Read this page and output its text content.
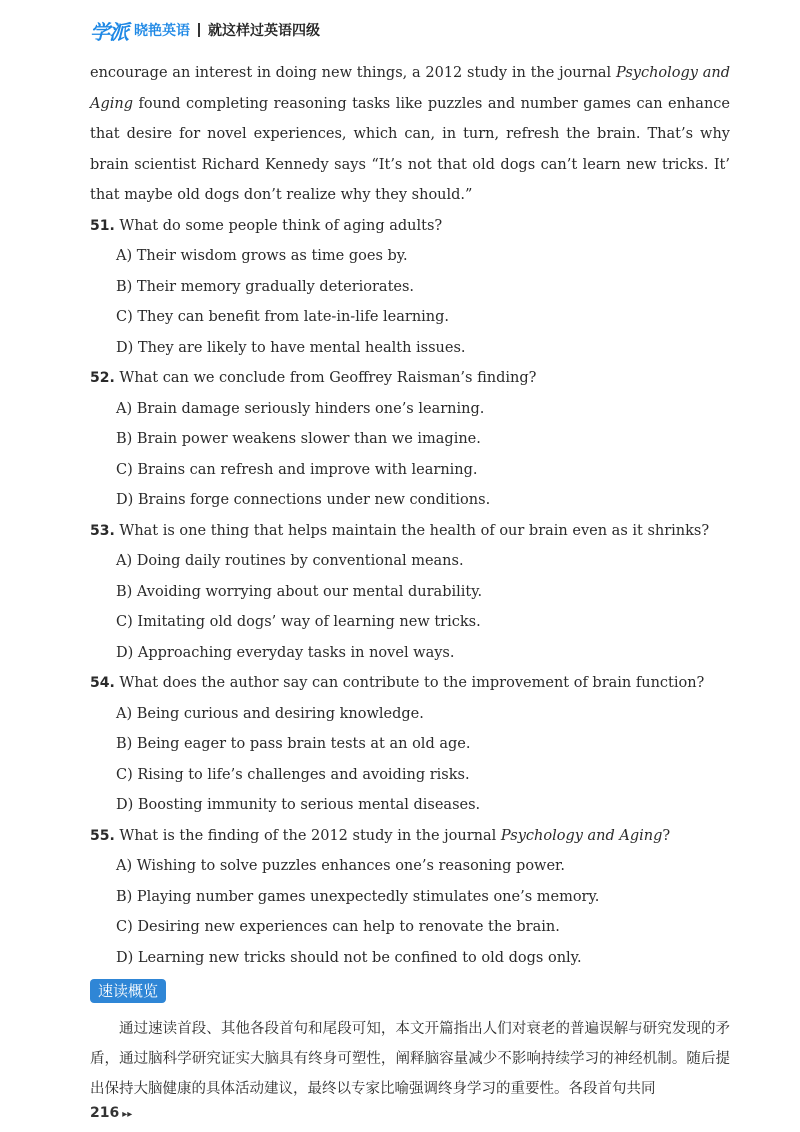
学派 晓艳英语 就这样过英语四级

encourage an interest in doing new things, a 2012 study in the journal Psychology and Aging found completing reasoning tasks like puzzles and number games can enhance that desire for novel experiences, which can, in turn, refresh the brain. That’s why brain scientist Richard Kennedy says “It’s not that old dogs can’t learn new tricks. It’ that maybe old dogs don’t realize why they should.”

51. What do some people think of aging adults?

A) Their wisdom grows as time goes by.

B) Their memory gradually deteriorates.

C) They can benefit from late-in-life learning.

D) They are likely to have mental health issues.

52. What can we conclude from Geoffrey Raisman’s finding?

A) Brain damage seriously hinders one’s learning.

B) Brain power weakens slower than we imagine.

C) Brains can refresh and improve with learning.

D) Brains forge connections under new conditions.

53. What is one thing that helps maintain the health of our brain even as it shrinks?

A) Doing daily routines by conventional means.

B) Avoiding worrying about our mental durability.

C) Imitating old dogs’ way of learning new tricks.

D) Approaching everyday tasks in novel ways.

54. What does the author say can contribute to the improvement of brain function?

A) Being curious and desiring knowledge.

B) Being eager to pass brain tests at an old age.

C) Rising to life’s challenges and avoiding risks.

D) Boosting immunity to serious mental diseases.

55. What is the finding of the 2012 study in the journal Psychology and Aging?

A) Wishing to solve puzzles enhances one’s reasoning power.

B) Playing number games unexpectedly stimulates one’s memory.

C) Desiring new experiences can help to renovate the brain.

D) Learning new tricks should not be confined to old dogs only.

速读概览

通过速读首段、其他各段首句和尾段可知，本文开篇指出人们对衰老的普遍误解与研究发现的矛盾，通过脑科学研究证实大脑具有终身可塑性，阐释脑容量减少不影响持续学习的神经机制。随后提出保持大脑健康的具体活动建议，最终以专家比喻强调终身学习的重要性。各段首句共同

216 ▸▸
